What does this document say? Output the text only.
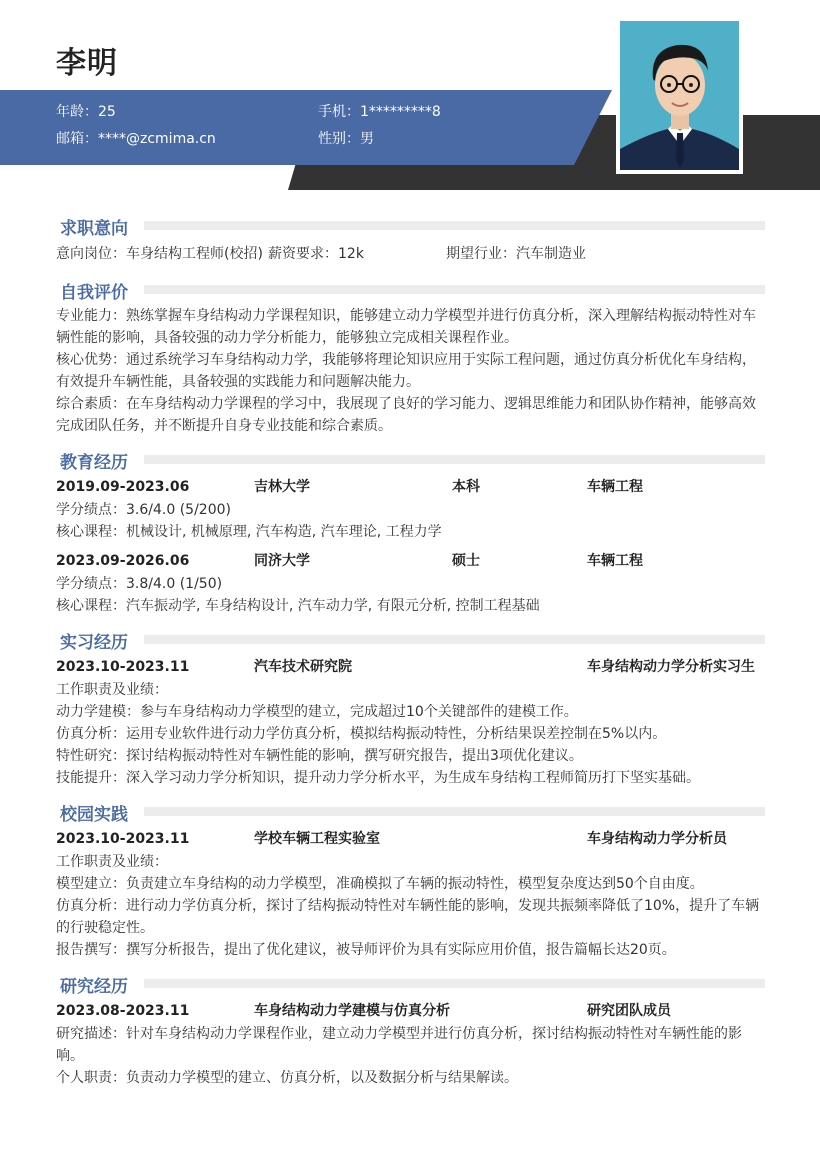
李明
年龄：25	手机：1*********8
邮箱：****@zcmima.cn	性别：男
求职意向
意向岗位：车身结构工程师(校招) 薪资要求：12k	期望行业：汽车制造业
自我评价
专业能力：熟练掌握车身结构动力学课程知识，能够建立动力学模型并进行仿真分析，深入理解结构振动特性对车
辆性能的影响，具备较强的动力学分析能力，能够独立完成相关课程作业。
核心优势：通过系统学习车身结构动力学，我能够将理论知识应用于实际工程问题，通过仿真分析优化车身结构，
有效提升车辆性能，具备较强的实践能力和问题解决能力。
综合素质：在车身结构动力学课程的学习中，我展现了良好的学习能力、逻辑思维能力和团队协作精神，能够高效
完成团队任务，并不断提升自身专业技能和综合素质。
教育经历
2019.09-2023.06	吉林大学	本科	车辆工程
学分绩点：3.6/4.0 (5/200)
核心课程：机械设计, 机械原理, 汽车构造, 汽车理论, 工程力学
2023.09-2026.06	同济大学	硕士	车辆工程
学分绩点：3.8/4.0 (1/50)
核心课程：汽车振动学, 车身结构设计, 汽车动力学, 有限元分析, 控制工程基础
实习经历
2023.10-2023.11	汽车技术研究院	车身结构动力学分析实习生
工作职责及业绩：
动力学建模：参与车身结构动力学模型的建立，完成超过10个关键部件的建模工作。
仿真分析：运用专业软件进行动力学仿真分析，模拟结构振动特性，分析结果误差控制在5%以内。
特性研究：探讨结构振动特性对车辆性能的影响，撰写研究报告，提出3项优化建议。
技能提升：深入学习动力学分析知识，提升动力学分析水平，为生成车身结构工程师简历打下坚实基础。
校园实践
2023.10-2023.11	学校车辆工程实验室	车身结构动力学分析员
工作职责及业绩：
模型建立：负责建立车身结构的动力学模型，准确模拟了车辆的振动特性，模型复杂度达到50个自由度。
仿真分析：进行动力学仿真分析，探讨了结构振动特性对车辆性能的影响，发现共振频率降低了10%，提升了车辆
的行驶稳定性。
报告撰写：撰写分析报告，提出了优化建议，被导师评价为具有实际应用价值，报告篇幅长达20页。
研究经历
2023.08-2023.11	车身结构动力学建模与仿真分析	研究团队成员
研究描述：针对车身结构动力学课程作业，建立动力学模型并进行仿真分析，探讨结构振动特性对车辆性能的影
响。
个人职责：负责动力学模型的建立、仿真分析，以及数据分析与结果解读。
